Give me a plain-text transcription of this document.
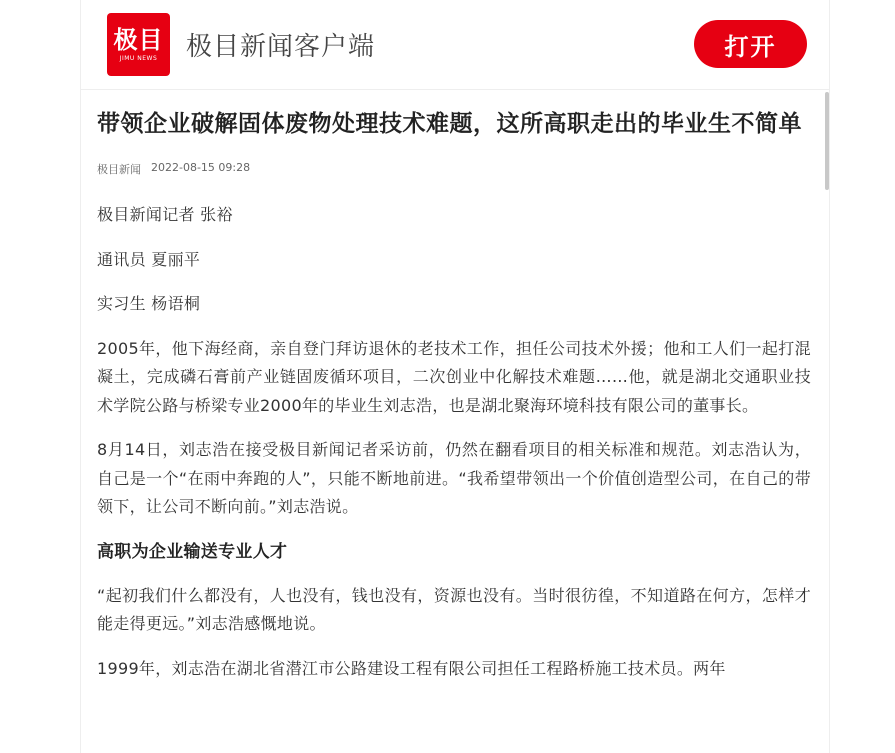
极目
JIMU NEWS 极目新闻客户端	打开
带领企业破解固体废物处理技术难题，这所高职走出的毕业生不简单
极目新闻 2022-08-15 09:28

极目新闻记者 张裕

通讯员 夏丽平

实习生 杨语桐

2005年，他下海经商，亲自登门拜访退休的老技术工作，担任公司技术外援；他和工人们一起打混凝土，完成磷石膏前产业链固废循环项目，二次创业中化解技术难题……他，就是湖北交通职业技术学院公路与桥梁专业2000年的毕业生刘志浩，也是湖北聚海环境科技有限公司的董事长。

8月14日，刘志浩在接受极目新闻记者采访前，仍然在翻看项目的相关标准和规范。刘志浩认为，自己是一个“在雨中奔跑的人”，只能不断地前进。“我希望带领出一个价值创造型公司，在自己的带领下，让公司不断向前。”刘志浩说。

高职为企业输送专业人才

“起初我们什么都没有，人也没有，钱也没有，资源也没有。当时很彷徨，不知道路在何方，怎样才能走得更远。”刘志浩感慨地说。

1999年，刘志浩在湖北省潜江市公路建设工程有限公司担任工程路桥施工技术员。两年
